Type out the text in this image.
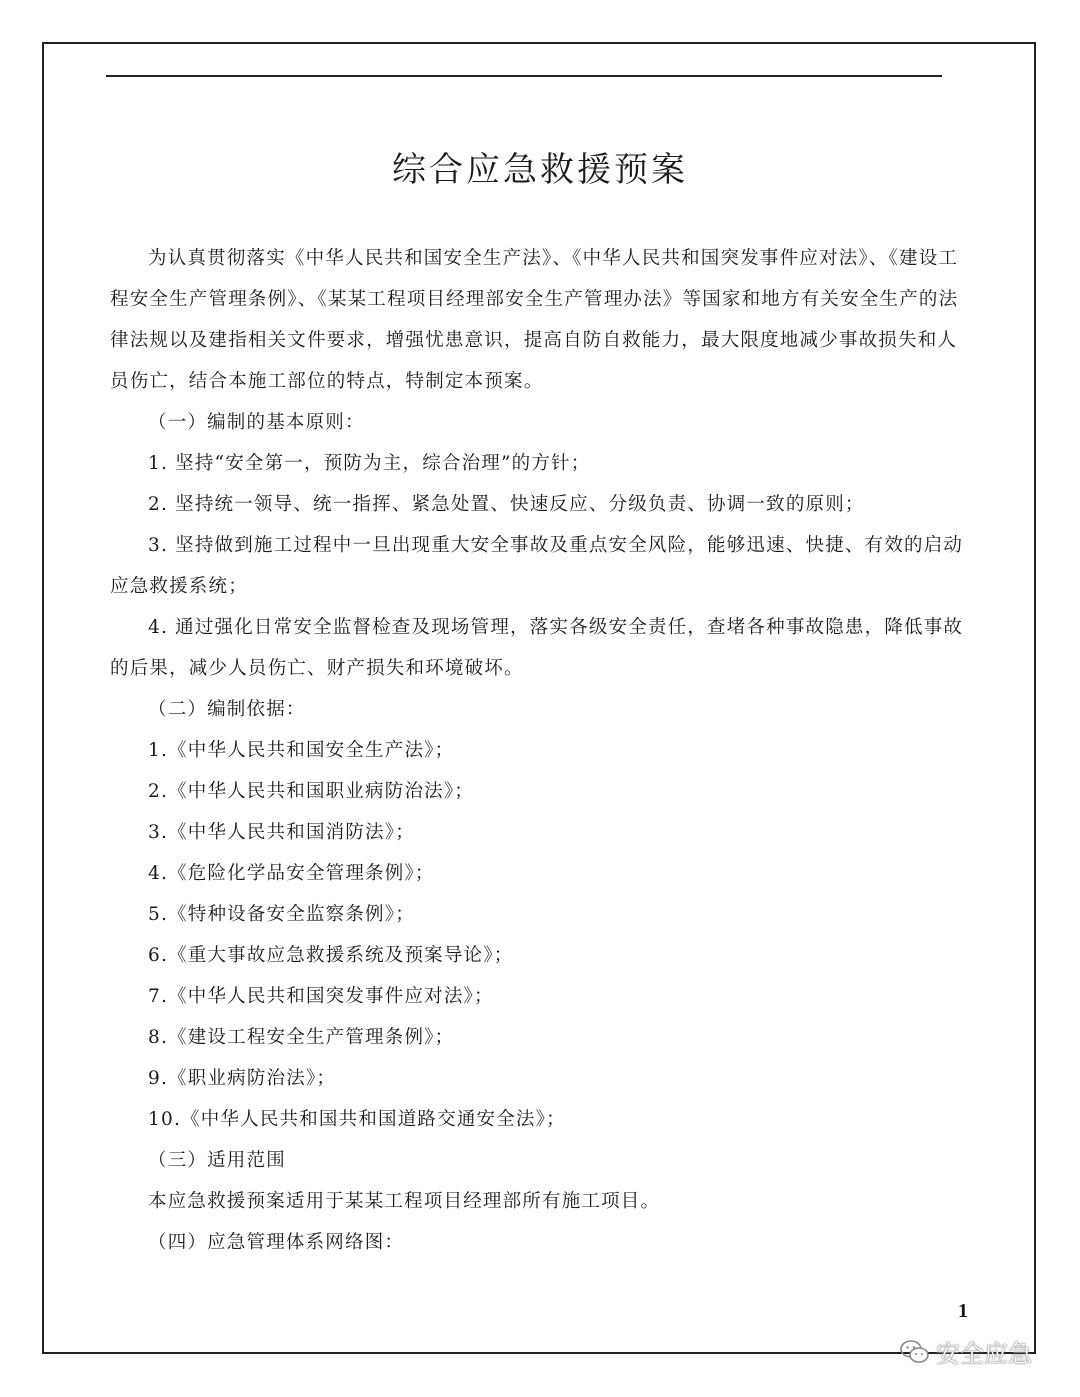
综合应急救援预案

为认真贯彻落实《中华人民共和国安全生产法》、《中华人民共和国突发事件应对法》、《建设工程安全生产管理条例》、《某某工程项目经理部安全生产管理办法》等国家和地方有关安全生产的法律法规以及建指相关文件要求，增强忧患意识，提高自防自救能力，最大限度地减少事故损失和人员伤亡，结合本施工部位的特点，特制定本预案。

（一）编制的基本原则：

1. 坚持“安全第一，预防为主，综合治理”的方针；

2. 坚持统一领导、统一指挥、紧急处置、快速反应、分级负责、协调一致的原则；

3. 坚持做到施工过程中一旦出现重大安全事故及重点安全风险，能够迅速、快捷、有效的启动应急救援系统；

4. 通过强化日常安全监督检查及现场管理，落实各级安全责任，查堵各种事故隐患，降低事故的后果，减少人员伤亡、财产损失和环境破坏。

（二）编制依据：

1.《中华人民共和国安全生产法》；

2.《中华人民共和国职业病防治法》；

3.《中华人民共和国消防法》；

4.《危险化学品安全管理条例》；

5.《特种设备安全监察条例》；

6.《重大事故应急救援系统及预案导论》；

7.《中华人民共和国突发事件应对法》；

8.《建设工程安全生产管理条例》；

9.《职业病防治法》；

10.《中华人民共和国共和国道路交通安全法》；

（三）适用范围

本应急救援预案适用于某某工程项目经理部所有施工项目。

（四）应急管理体系网络图：

1
安全应急
